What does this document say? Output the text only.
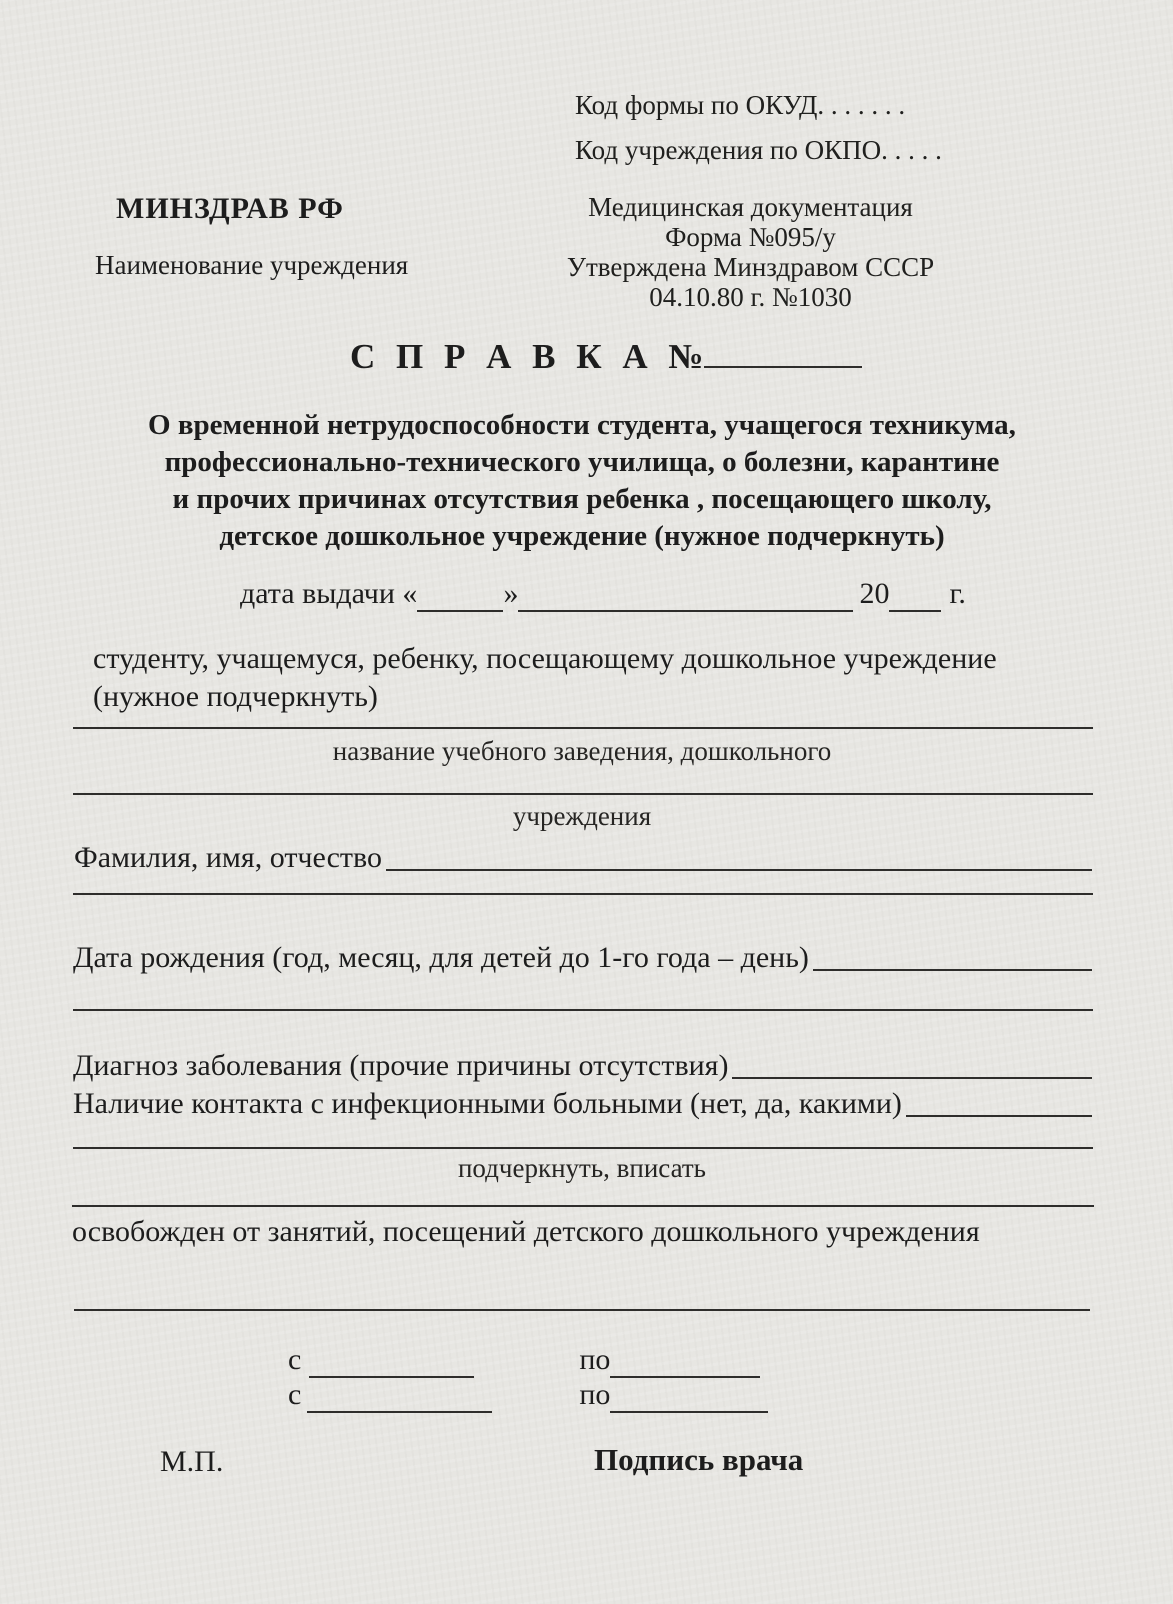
Код формы по ОКУД. . . . . . .
Код учреждения по ОКПО. . . . .
МИНЗДРАВ РФ
Наименование учреждения
Медицинская документация
Форма №095/у
Утверждена Минздравом СССР
04.10.80 г. №1030
С П Р А В К А №
О временной нетрудоспособности студента, учащегося техникума,
профессионально-технического училища, о болезни, карантине
и прочих причинах отсутствия ребенка , посещающего школу,
детское дошкольное учреждение (нужное подчеркнуть)
дата выдачи «	»	20 г.
студенту, учащемуся, ребенку, посещающему дошкольное учреждение
(нужное подчеркнуть)
название учебного заведения, дошкольного
учреждения
Фамилия, имя, отчество
Дата рождения (год, месяц, для детей до 1-го года – день)
Диагноз заболевания (прочие причины отсутствия)
Наличие контакта с инфекционными больными (нет, да, какими)
подчеркнуть, вписать
освобожден от занятий, посещений детского дошкольного учреждения
с	по
с	по
М.П.	Подпись врача
